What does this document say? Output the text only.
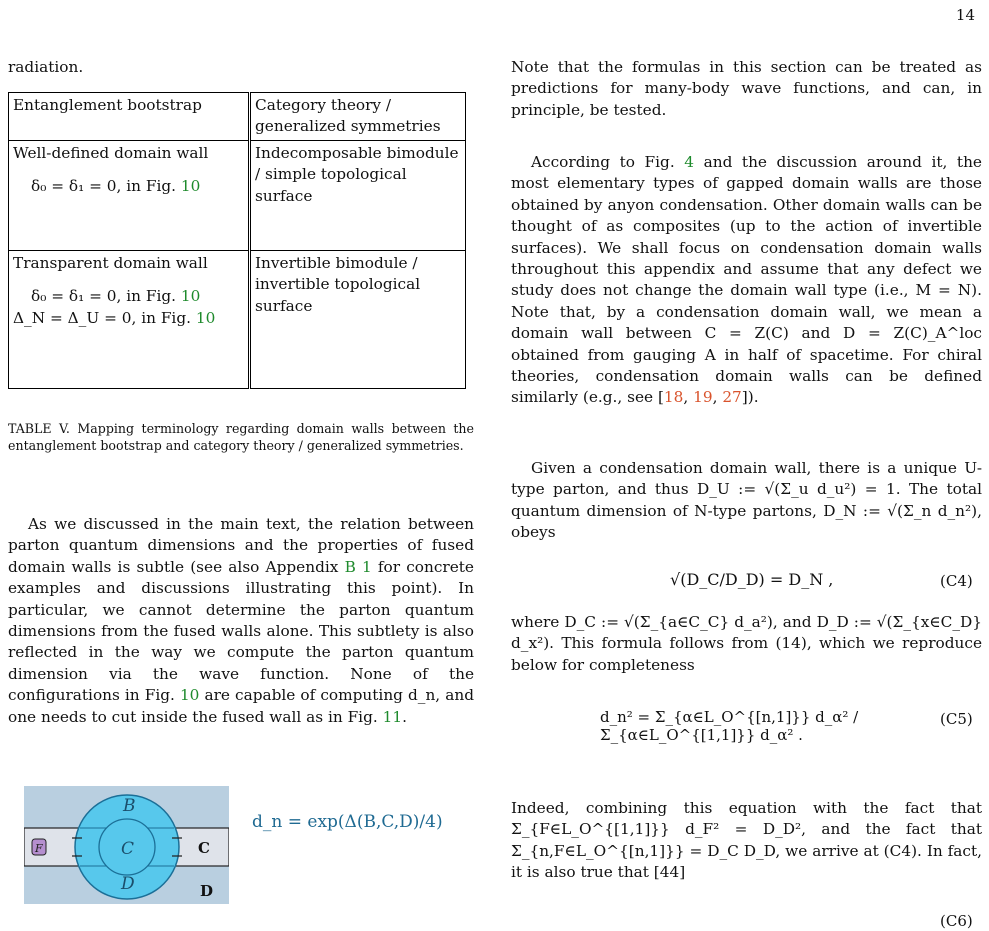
14
radiation.
Entanglement bootstrap	Category theory / generalized symmetries

Well-defined domain wall
δ₀ = δ₁ = 0, in Fig. 10	Indecomposable bimodule / simple topological surface

Transparent domain wall
δ₀ = δ₁ = 0, in Fig. 10
Δ_N = Δ_U = 0, in Fig. 10	Invertible bimodule / invertible topological surface
TABLE V. Mapping terminology regarding domain walls between the entanglement bootstrap and category theory / generalized symmetries.
As we discussed in the main text, the relation between parton quantum dimensions and the properties of fused domain walls is subtle (see also Appendix B 1 for concrete examples and discussions illustrating this point). In particular, we cannot determine the parton quantum dimensions from the fused walls alone. This subtlety is also reflected in the way we compute the parton quantum dimension via the wave function. None of the configurations in Fig. 10 are capable of computing d_n, and one needs to cut inside the fused wall as in Fig. 11.
B
C
D
F	C
D
d_n = exp(Δ(B,C,D)/4)
Note that the formulas in this section can be treated as predictions for many-body wave functions, and can, in principle, be tested.
According to Fig. 4 and the discussion around it, the most elementary types of gapped domain walls are those obtained by anyon condensation. Other domain walls can be thought of as composites (up to the action of invertible surfaces). We shall focus on condensation domain walls throughout this appendix and assume that any defect we study does not change the domain wall type (i.e., M = N). Note that, by a condensation domain wall, we mean a domain wall between C = Z(C) and D = Z(C)_A^loc obtained from gauging A in half of spacetime. For chiral theories, condensation domain walls can be defined similarly (e.g., see [18, 19, 27]).
Given a condensation domain wall, there is a unique U-type parton, and thus D_U := √(Σ_u d_u²) = 1. The total quantum dimension of N-type partons, D_N := √(Σ_n d_n²), obeys
√(D_C/D_D) = D_N ,	(C4)
where D_C := √(Σ_{a∈C_C} d_a²), and D_D := √(Σ_{x∈C_D} d_x²). This formula follows from (14), which we reproduce below for completeness
d_n² = Σ_{α∈L_O^{[n,1]}} d_α² / Σ_{α∈L_O^{[1,1]}} d_α² .
(C5)
Indeed, combining this equation with the fact that Σ_{F∈L_O^{[1,1]}} d_F² = D_D², and the fact that Σ_{n,F∈L_O^{[n,1]}} = D_C D_D, we arrive at (C4). In fact, it is also true that [44]
(C6)
